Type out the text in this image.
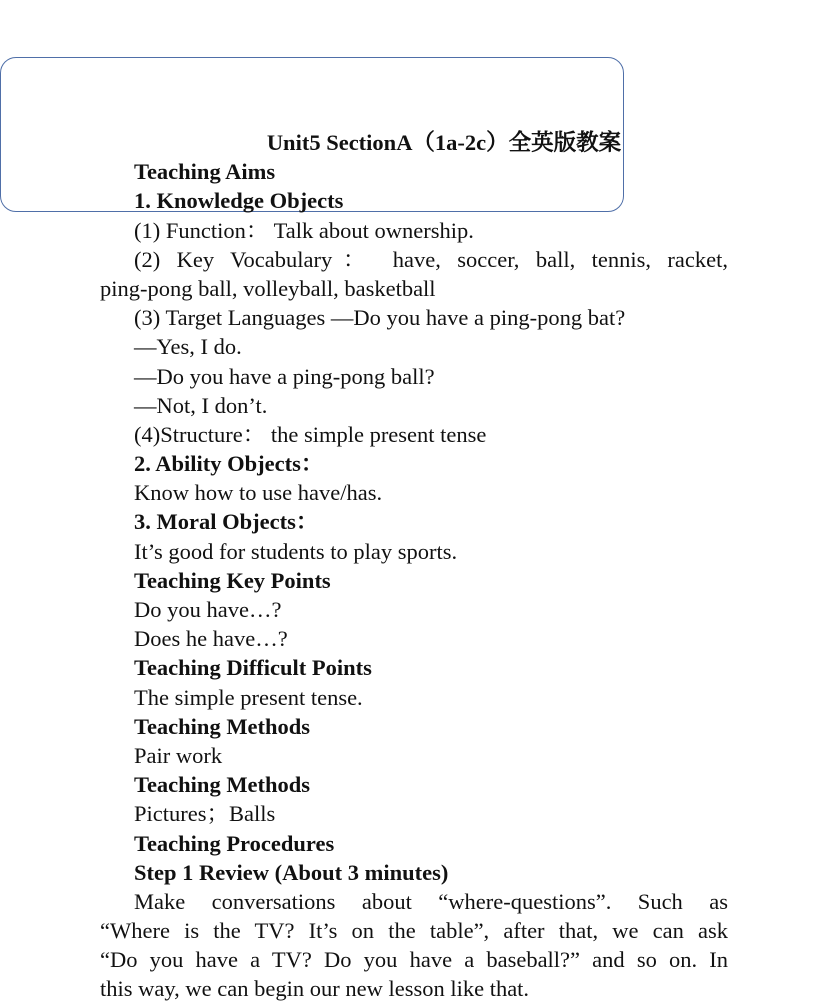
Unit5 SectionA（1a-2c）全英版教案
Teaching Aims
1. Knowledge Objects
(1) Function： Talk about ownership.
(2) Key Vocabulary： have, soccer, ball, tennis, racket,
ping-pong ball, volleyball, basketball
(3) Target Languages —Do you have a ping-pong bat?
—Yes, I do.
—Do you have a ping-pong ball?
—Not, I don’t.
(4)Structure： the simple present tense
2. Ability Objects：
Know how to use have/has.
3. Moral Objects：
It’s good for students to play sports.
Teaching Key Points
Do you have…?
Does he have…?
Teaching Difficult Points
The simple present tense.
Teaching Methods
Pair work
Teaching Methods
Pictures；Balls
Teaching Procedures
Step 1 Review (About 3 minutes)
Make conversations about “where-questions”. Such as
“Where is the TV? It’s on the table”, after that, we can ask
“Do you have a TV? Do you have a baseball?” and so on. In
this way, we can begin our new lesson like that.
